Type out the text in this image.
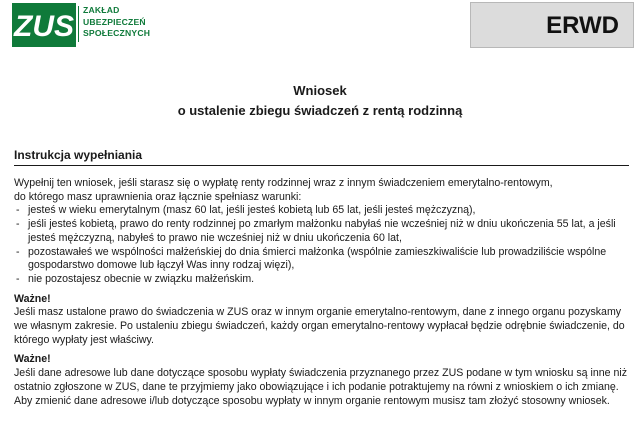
ZUS ZAKŁAD
UBEZPIECZEŃ
SPOŁECZNYCH	ERWD
Wniosek
o ustalenie zbiegu świadczeń z rentą rodzinną
Instrukcja wypełniania

Wypełnij ten wniosek, jeśli starasz się o wypłatę renty rodzinnej wraz z innym świadczeniem emerytalno-rentowym,

do którego masz uprawnienia oraz łącznie spełniasz warunki:

- jesteś w wieku emerytalnym (masz 60 lat, jeśli jesteś kobietą lub 65 lat, jeśli jesteś mężczyzną),
- jeśli jesteś kobietą, prawo do renty rodzinnej po zmarłym małżonku nabyłaś nie wcześniej niż w dniu ukończenia 55 lat, a jeśli jesteś mężczyzną, nabyłeś to prawo nie wcześniej niż w dniu ukończenia 60 lat,
- pozostawałeś we wspólności małżeńskiej do dnia śmierci małżonka (wspólnie zamieszkiwaliście lub prowadziliście wspólne gospodarstwo domowe lub łączył Was inny rodzaj więzi),
- nie pozostajesz obecnie w związku małżeńskim.

Ważne!

Jeśli masz ustalone prawo do świadczenia w ZUS oraz w innym organie emerytalno-rentowym, dane z innego organu pozyskamy we własnym zakresie. Po ustaleniu zbiegu świadczeń, każdy organ emerytalno-rentowy wypłacał będzie odrębnie świadczenie, do którego wypłaty jest właściwy.

Ważne!

Jeśli dane adresowe lub dane dotyczące sposobu wypłaty świadczenia przyznanego przez ZUS podane w tym wniosku są inne niż ostatnio zgłoszone w ZUS, dane te przyjmiemy jako obowiązujące i ich podanie potraktujemy na równi z wnioskiem o ich zmianę. Aby zmienić dane adresowe i/lub dotyczące sposobu wypłaty w innym organie rentowym musisz tam złożyć stosowny wniosek.
